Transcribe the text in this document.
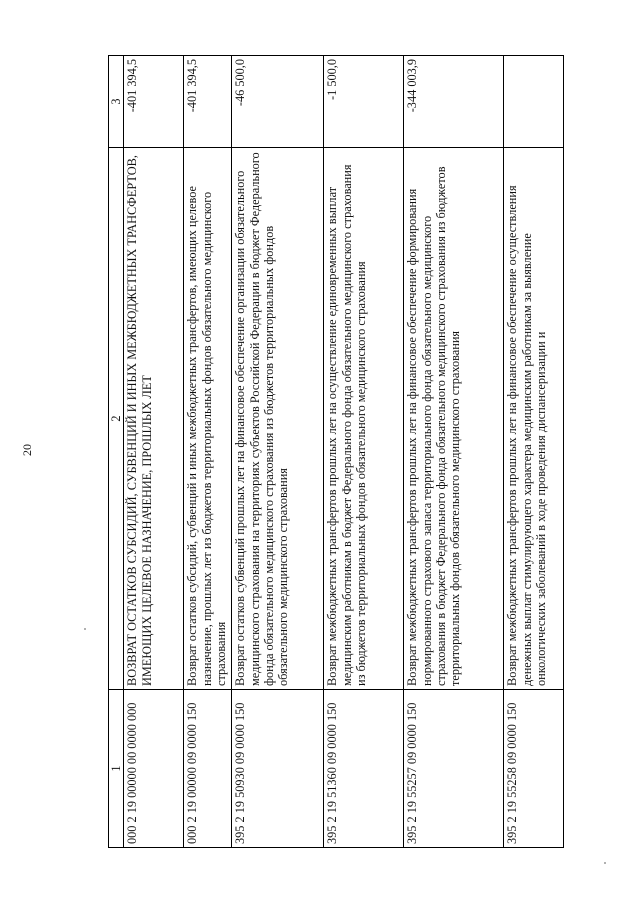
20
1	2	3
000 2 19 00000 00 0000 000	ВОЗВРАТ ОСТАТКОВ СУБСИДИЙ, СУБВЕНЦИЙ И ИНЫХ МЕЖБЮДЖЕТНЫХ ТРАНСФЕРТОВ, ИМЕЮЩИХ ЦЕЛЕВОЕ НАЗНАЧЕНИЕ, ПРОШЛЫХ ЛЕТ	-401 394,5
000 2 19 00000 09 0000 150	Возврат остатков субсидий, субвенций и иных межбюджетных трансфертов, имеющих целевое назначение, прошлых лет из бюджетов территориальных фондов обязательного медицинского страхования	-401 394,5
395 2 19 50930 09 0000 150	Возврат остатков субвенций прошлых лет на финансовое обеспечение организации обязательного медицинского страхования на территориях субъектов Российской Федерации в бюджет Федерального фонда обязательного медицинского страхования из бюджетов территориальных фондов обязательного медицинского страхования	-46 500,0
395 2 19 51360 09 0000 150	Возврат межбюджетных трансфертов прошлых лет на осуществление единовременных выплат медицинским работникам в бюджет Федерального фонда обязательного медицинского страхования из бюджетов территориальных фондов обязательного медицинского страхования	-1 500,0
395 2 19 55257 09 0000 150	Возврат межбюджетных трансфертов прошлых лет на финансовое обеспечение формирования нормированного страхового запаса территориального фонда обязательного медицинского страхования в бюджет Федерального фонда обязательного медицинского страхования из бюджетов территориальных фондов обязательного медицинского страхования	-344 003,9
395 2 19 55258 09 0000 150	Возврат межбюджетных трансфертов прошлых лет на финансовое обеспечение осуществления денежных выплат стимулирующего характера медицинским работникам за выявление онкологических заболеваний в ходе проведения диспансеризации и	
